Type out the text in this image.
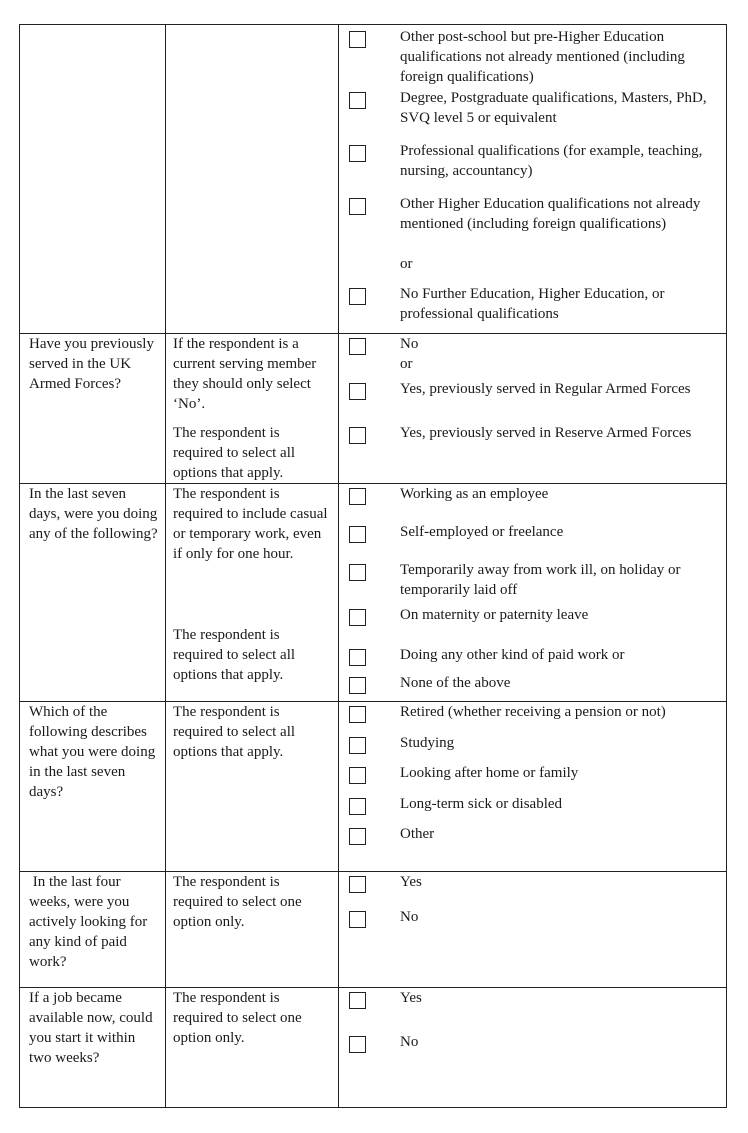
Other post-school but pre-Higher Education qualifications not already mentioned (including foreign qualifications)
Degree, Postgraduate qualifications, Masters, PhD, SVQ level 5 or equivalent
Professional qualifications (for example, teaching, nursing, accountancy)
Other Higher Education qualifications not already mentioned (including foreign qualifications)
or
No Further Education, Higher Education, or professional qualifications
Have you previously served in the UK Armed Forces?
If the respondent is a current serving member they should only select ‘No’.
The respondent is required to select all options that apply.
No
or
Yes, previously served in Regular Armed Forces
Yes, previously served in Reserve Armed Forces
In the last seven days, were you doing any of the following?
The respondent is required to include casual or temporary work, even if only for one hour.
The respondent is required to select all options that apply.
Working as an employee
Self-employed or freelance
Temporarily away from work ill, on holiday or temporarily laid off
On maternity or paternity leave
Doing any other kind of paid work or
None of the above
Which of the following describes what you were doing in the last seven days?
The respondent is required to select all options that apply.
Retired (whether receiving a pension or not)
Studying
Looking after home or family
Long-term sick or disabled
Other
In the last four weeks, were you actively looking for any kind of paid work?
The respondent is required to select one option only.
Yes
No
If a job became available now, could you start it within two weeks?
The respondent is required to select one option only.
Yes
No
